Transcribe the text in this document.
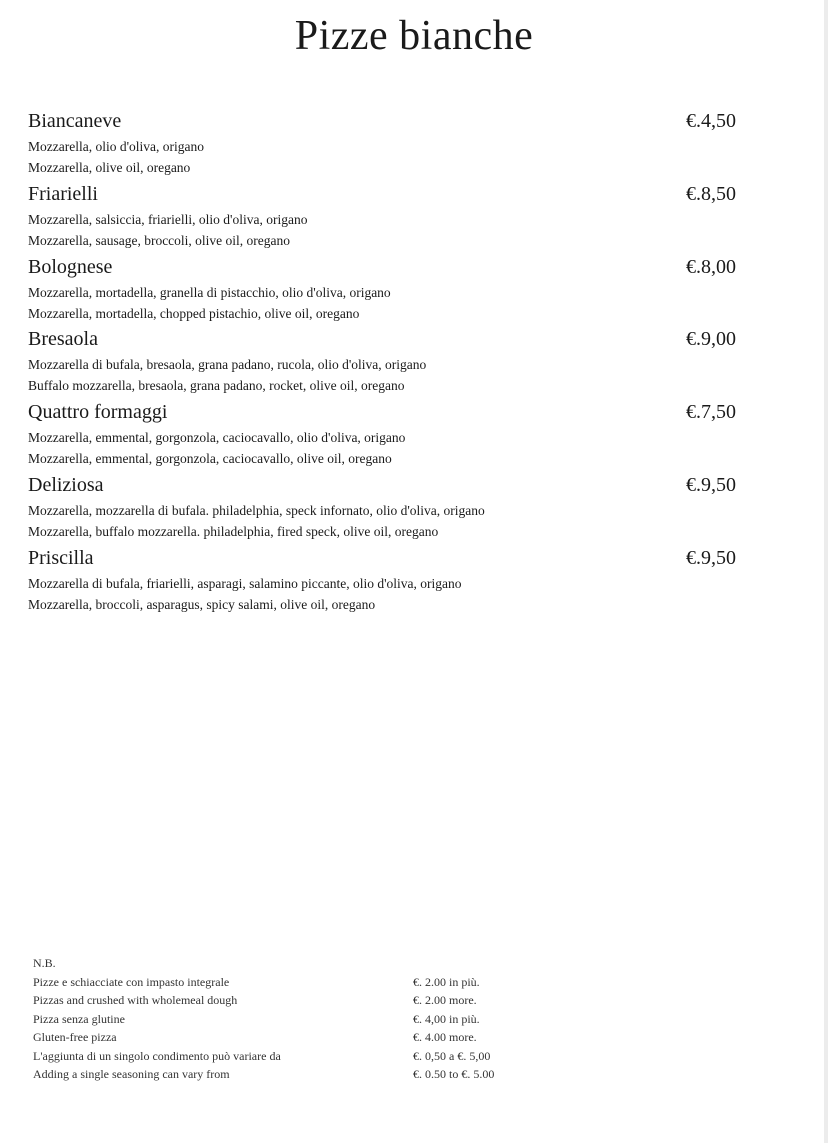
Pizze bianche
Biancaneve	€.4,50
Mozzarella, olio d'oliva, origano
Mozzarella, olive oil, oregano
Friarielli	€.8,50
Mozzarella, salsiccia, friarielli, olio d'oliva, origano
Mozzarella, sausage, broccoli, olive oil, oregano
Bolognese	€.8,00
Mozzarella, mortadella, granella di pistacchio, olio d'oliva, origano
Mozzarella, mortadella, chopped pistachio, olive oil, oregano
Bresaola	€.9,00
Mozzarella di bufala, bresaola, grana padano, rucola, olio d'oliva, origano
Buffalo mozzarella, bresaola, grana padano, rocket, olive oil, oregano
Quattro formaggi	€.7,50
Mozzarella, emmental, gorgonzola, caciocavallo, olio d'oliva, origano
Mozzarella, emmental, gorgonzola, caciocavallo, olive oil, oregano
Deliziosa	€.9,50
Mozzarella, mozzarella di bufala. philadelphia, speck infornato, olio d'oliva, origano
Mozzarella, buffalo mozzarella. philadelphia, fired speck, olive oil, oregano
Priscilla	€.9,50
Mozzarella di bufala, friarielli, asparagi, salamino piccante, olio d'oliva, origano
Mozzarella, broccoli, asparagus, spicy salami, olive oil, oregano
N.B.
Pizze e schiacciate con impasto integrale	€. 2.00 in più.
Pizzas and crushed with wholemeal dough	€. 2.00 more.
Pizza senza glutine	€. 4,00 in più.
Gluten-free pizza	€. 4.00 more.
L'aggiunta di un singolo condimento può variare da	€. 0,50 a €. 5,00
Adding a single seasoning can vary from	€. 0.50 to €. 5.00
